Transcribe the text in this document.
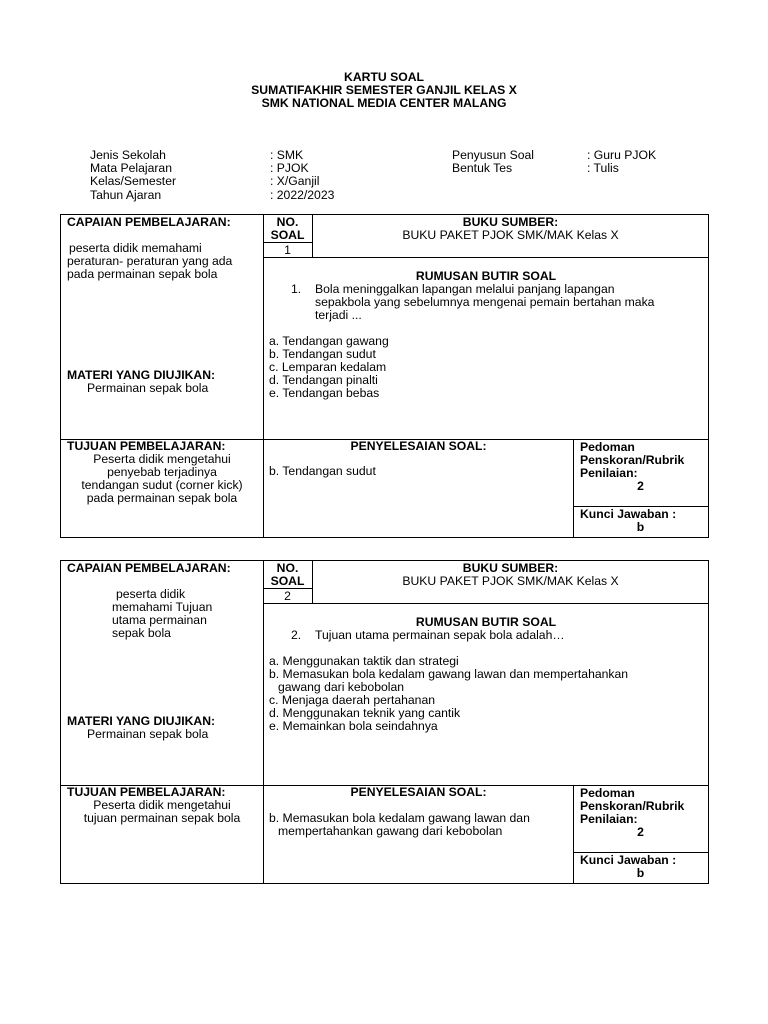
KARTU SOAL
SUMATIFAKHIR SEMESTER GANJIL KELAS X
SMK NATIONAL MEDIA CENTER MALANG
Jenis Sekolah	: SMK	Penyusun Soal	: Guru PJOK
Mata Pelajaran	: PJOK	Bentuk Tes	: Tulis
Kelas/Semester	: X/Ganjil
Tahun Ajaran	: 2022/2023
CAPAIAN PEMBELAJARAN:
peserta didik memahami
peraturan- peraturan yang ada
pada permainan sepak bola
NO.
SOAL
1
BUKU SUMBER:
BUKU PAKET PJOK SMK/MAK Kelas X
RUMUSAN BUTIR SOAL
1. Bola meninggalkan lapangan melalui panjang lapangan
sepakbola yang sebelumnya mengenai pemain bertahan maka
terjadi ...
a. Tendangan gawang
b. Tendangan sudut
c. Lemparan kedalam
d. Tendangan pinalti
e. Tendangan bebas
MATERI YANG DIUJIKAN:
Permainan sepak bola
TUJUAN PEMBELAJARAN:
Peserta didik mengetahui
penyebab terjadinya
tendangan sudut (corner kick)
pada permainan sepak bola
PENYELESAIAN SOAL:
b. Tendangan sudut
Pedoman
Penskoran/Rubrik
Penilaian:
2
Kunci Jawaban :
b
CAPAIAN PEMBELAJARAN:
peserta didik
memahami Tujuan
utama permainan
sepak bola
NO.
SOAL
2
BUKU SUMBER:
BUKU PAKET PJOK SMK/MAK Kelas X
RUMUSAN BUTIR SOAL
2. Tujuan utama permainan sepak bola adalah…
a. Menggunakan taktik dan strategi
b. Memasukan bola kedalam gawang lawan dan mempertahankan
gawang dari kebobolan
c. Menjaga daerah pertahanan
d. Menggunakan teknik yang cantik
e. Memainkan bola seindahnya
MATERI YANG DIUJIKAN:
Permainan sepak bola
TUJUAN PEMBELAJARAN:
Peserta didik mengetahui
tujuan permainan sepak bola
PENYELESAIAN SOAL:
b. Memasukan bola kedalam gawang lawan dan
mempertahankan gawang dari kebobolan
Pedoman
Penskoran/Rubrik
Penilaian:
2
Kunci Jawaban :
b
